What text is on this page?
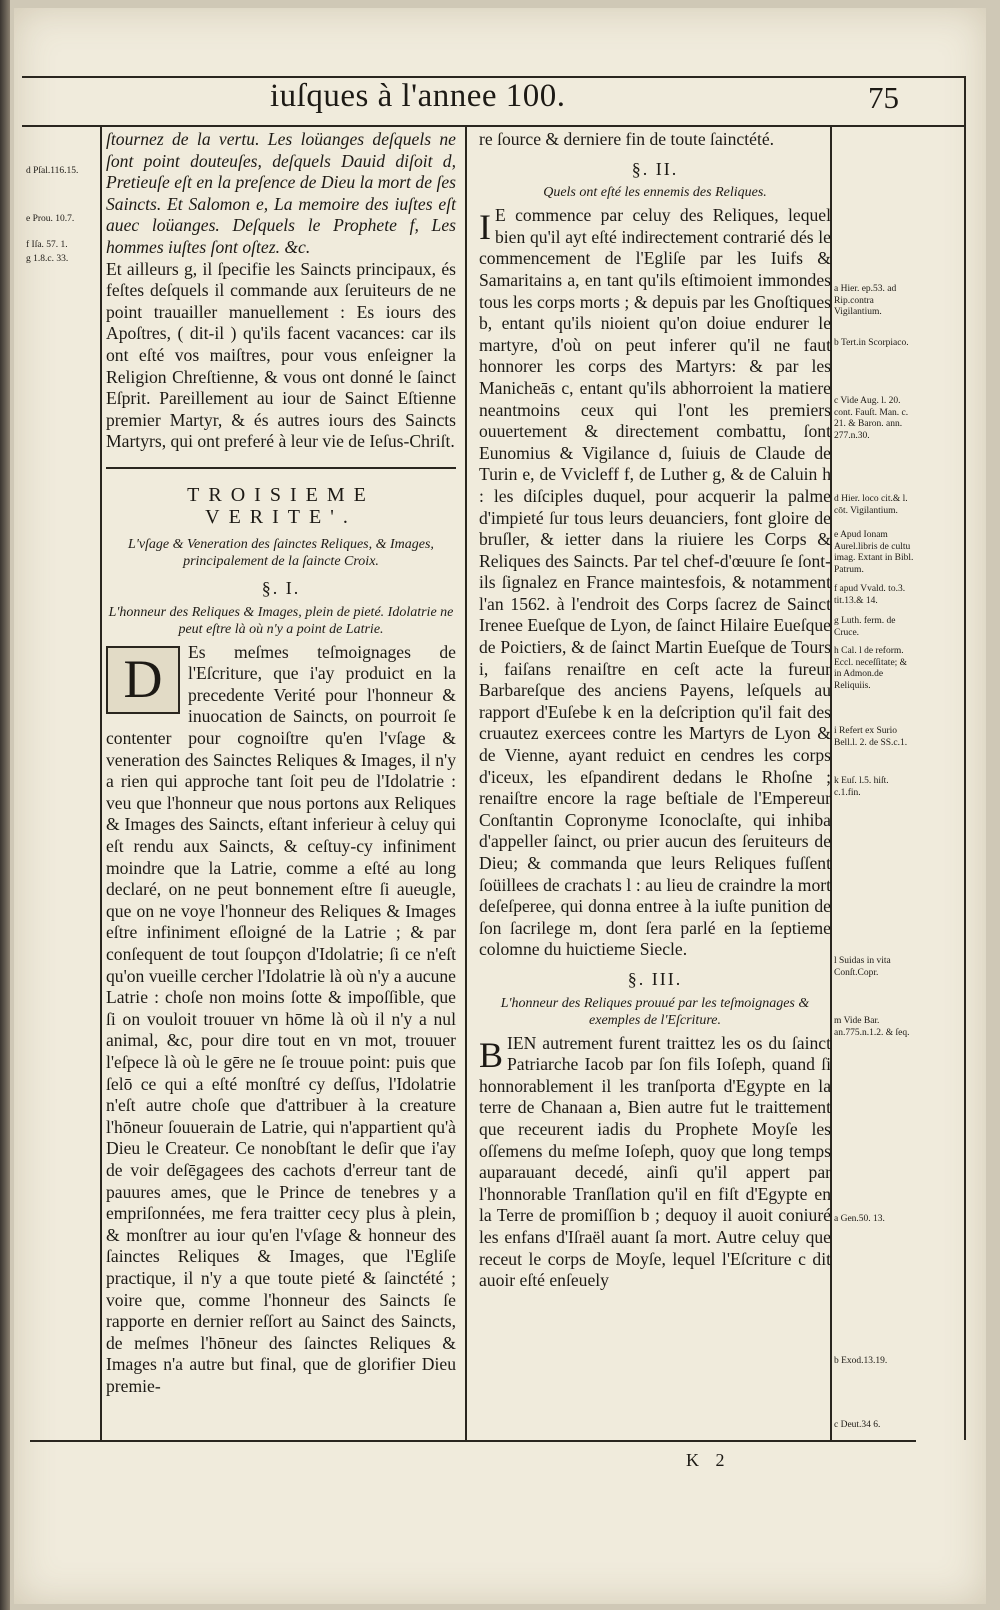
iuſques à l'annee 100.	75
d Pſal.116.15.
e Prou. 10.7.
f Iſa. 57. 1.
g 1.8.c. 33.
a Hier. ep.53. ad Rip.contra Vigilantium.
b Tert.in Scorpiaco.
c Vide Aug. l. 20. cont. Fauſt. Man. c. 21. & Baron. ann. 277.n.30.
d Hier. loco cit.& l. cōt. Vigilantium.
e Apud Ionam Aurel.libris de cultu imag. Extant in Bibl. Patrum.
f apud Vvald. to.3. tit.13.& 14.
g Luth. ferm. de Cruce.
h Cal. l de reform. Eccl. neceſſitate; & in Admon.de Reliquiis.
i Refert ex Surio Bell.l. 2. de SS.c.1.
k Euſ. l.5. hiſt. c.1.fin.
l Suidas in vita Conſt.Copr.
m Vide Bar. an.775.n.1.2. & ſeq.
a Gen.50. 13.
b Exod.13.19.
c Deut.34 6.

ſtournez de la vertu. Les loüanges deſquels ne ſont point douteuſes, deſquels Dauid diſoit d, Pretieuſe eſt en la preſence de Dieu la mort de ſes Saincts. Et Salomon e, La memoire des iuſtes eſt auec loüanges. Deſquels le Prophete f, Les hommes iuſtes ſont oſtez. &c.

Et ailleurs g, il ſpecifie les Saincts principaux, és feſtes deſquels il commande aux ſeruiteurs de ne point trauailler manuellement : Es iours des Apoſtres, ( dit-il ) qu'ils facent vacances: car ils ont eſté vos maiſtres, pour vous enſeigner la Religion Chreſtienne, & vous ont donné le ſainct Eſprit. Pareillement au iour de Sainct Eſtienne premier Martyr, & és autres iours des Saincts Martyrs, qui ont preferé à leur vie de Ieſus-Chriſt.

TROISIEME VERITE'.
L'vſage & Veneration des ſainctes Reliques, & Images, principalement de la ſaincte Croix.
§. I.
L'honneur des Reliques & Images, plein de pieté. Idolatrie ne peut eſtre là où n'y a point de Latrie.

D	Es meſmes teſmoignages de l'Eſcriture, que i'ay produict en la precedente Verité pour l'honneur & inuocation de Saincts, on pourroit ſe contenter pour cognoiſtre qu'en l'vſage & veneration des Sainctes Reliques & Images, il n'y a rien qui approche tant ſoit peu de l'Idolatrie : veu que l'honneur que nous portons aux Reliques & Images des Saincts, eſtant inferieur à celuy qui eſt rendu aux Saincts, & ceſtuy-cy infiniment moindre que la Latrie, comme a eſté au long declaré, on ne peut bonnement eſtre ſi aueugle, que on ne voye l'honneur des Reliques & Images eſtre infiniment eſloigné de la Latrie ; & par conſequent de tout ſoupçon d'Idolatrie; ſi ce n'eſt qu'on vueille cercher l'Idolatrie là où n'y a aucune Latrie : choſe non moins ſotte & impoſſible, que ſi on vouloit trouuer vn hōme là où il n'y a nul animal, &c, pour dire tout en vn mot, trouuer l'eſpece là où le gēre ne ſe trouue point: puis que ſelō ce qui a eſté monſtré cy deſſus, l'Idolatrie n'eſt autre choſe que d'attribuer à la creature l'hōneur ſouuerain de Latrie, qui n'appartient qu'à Dieu le Createur. Ce nonobſtant le deſir que i'ay de voir deſēgagees des cachots d'erreur tant de pauures ames, que le Prince de tenebres y a empriſonnées, me fera traitter cecy plus à plein, & monſtrer au iour qu'en l'vſage & honneur des ſainctes Reliques & Images, que l'Egliſe practique, il n'y a que toute pieté & ſainctété ; voire que, comme l'honneur des Saincts ſe rapporte en dernier reſſort au Sainct des Saincts, de meſmes l'hōneur des ſainctes Reliques & Images n'a autre but final, que de glorifier Dieu premie-

re ſource & derniere fin de toute ſainctété.

§. II.
Quels ont eſté les ennemis des Reliques.

I E commence par celuy des Reliques, lequel bien qu'il ayt eſté indirectement contrarié dés le commencement de l'Egliſe par les Iuifs & Samaritains a, en tant qu'ils eſtimoient immondes tous les corps morts ; & depuis par les Gnoſtiques b, entant qu'ils nioient qu'on doiue endurer le martyre, d'où on peut inferer qu'il ne faut honnorer les corps des Martyrs: & par les Manicheās c, entant qu'ils abhorroient la matiere neantmoins ceux qui l'ont les premiers ouuertement & directement combattu, ſont Eunomius & Vigilance d, ſuiuis de Claude de Turin e, de Vvicleff f, de Luther g, & de Caluin h : les diſciples duquel, pour acquerir la palme d'impieté ſur tous leurs deuanciers, font gloire de bruſler, & ietter dans la riuiere les Corps & Reliques des Saincts. Par tel chef-d'œuure ſe ſont-ils ſignalez en France maintesfois, & notamment l'an 1562. à l'endroit des Corps ſacrez de Sainct Irenee Eueſque de Lyon, de ſainct Hilaire Eueſque de Poictiers, & de ſainct Martin Eueſque de Tours i, faiſans renaiſtre en ceſt acte la fureur Barbareſque des anciens Payens, leſquels au rapport d'Euſebe k en la deſcription qu'il fait des cruautez exercees contre les Martyrs de Lyon & de Vienne, ayant reduict en cendres les corps d'iceux, les eſpandirent dedans le Rhoſne ; renaiſtre encore la rage beſtiale de l'Empereur Conſtantin Copronyme Iconoclaſte, qui inhiba d'appeller ſainct, ou prier aucun des ſeruiteurs de Dieu; & commanda que leurs Reliques fuſſent ſoüillees de crachats l : au lieu de craindre la mort deſeſperee, qui donna entree à la iuſte punition de ſon ſacrilege m, dont ſera parlé en la ſeptieme colomne du huictieme Siecle.

§. III.
L'honneur des Reliques prouué par les teſmoignages & exemples de l'Eſcriture.

B IEN autrement furent traittez les os du ſainct Patriarche Iacob par ſon fils Ioſeph, quand ſi honnorablement il les tranſporta d'Egypte en la terre de Chanaan a, Bien autre fut le traittement que receurent iadis du Prophete Moyſe les oſſemens du meſme Ioſeph, quoy que long temps auparauant decedé, ainſi qu'il appert par l'honnorable Tranſlation qu'il en fiſt d'Egypte en la Terre de promiſſion b ; dequoy il auoit coniuré les enfans d'Iſraël auant ſa mort. Autre celuy que receut le corps de Moyſe, lequel l'Eſcriture c dit auoir eſté enſeuely

K 2
